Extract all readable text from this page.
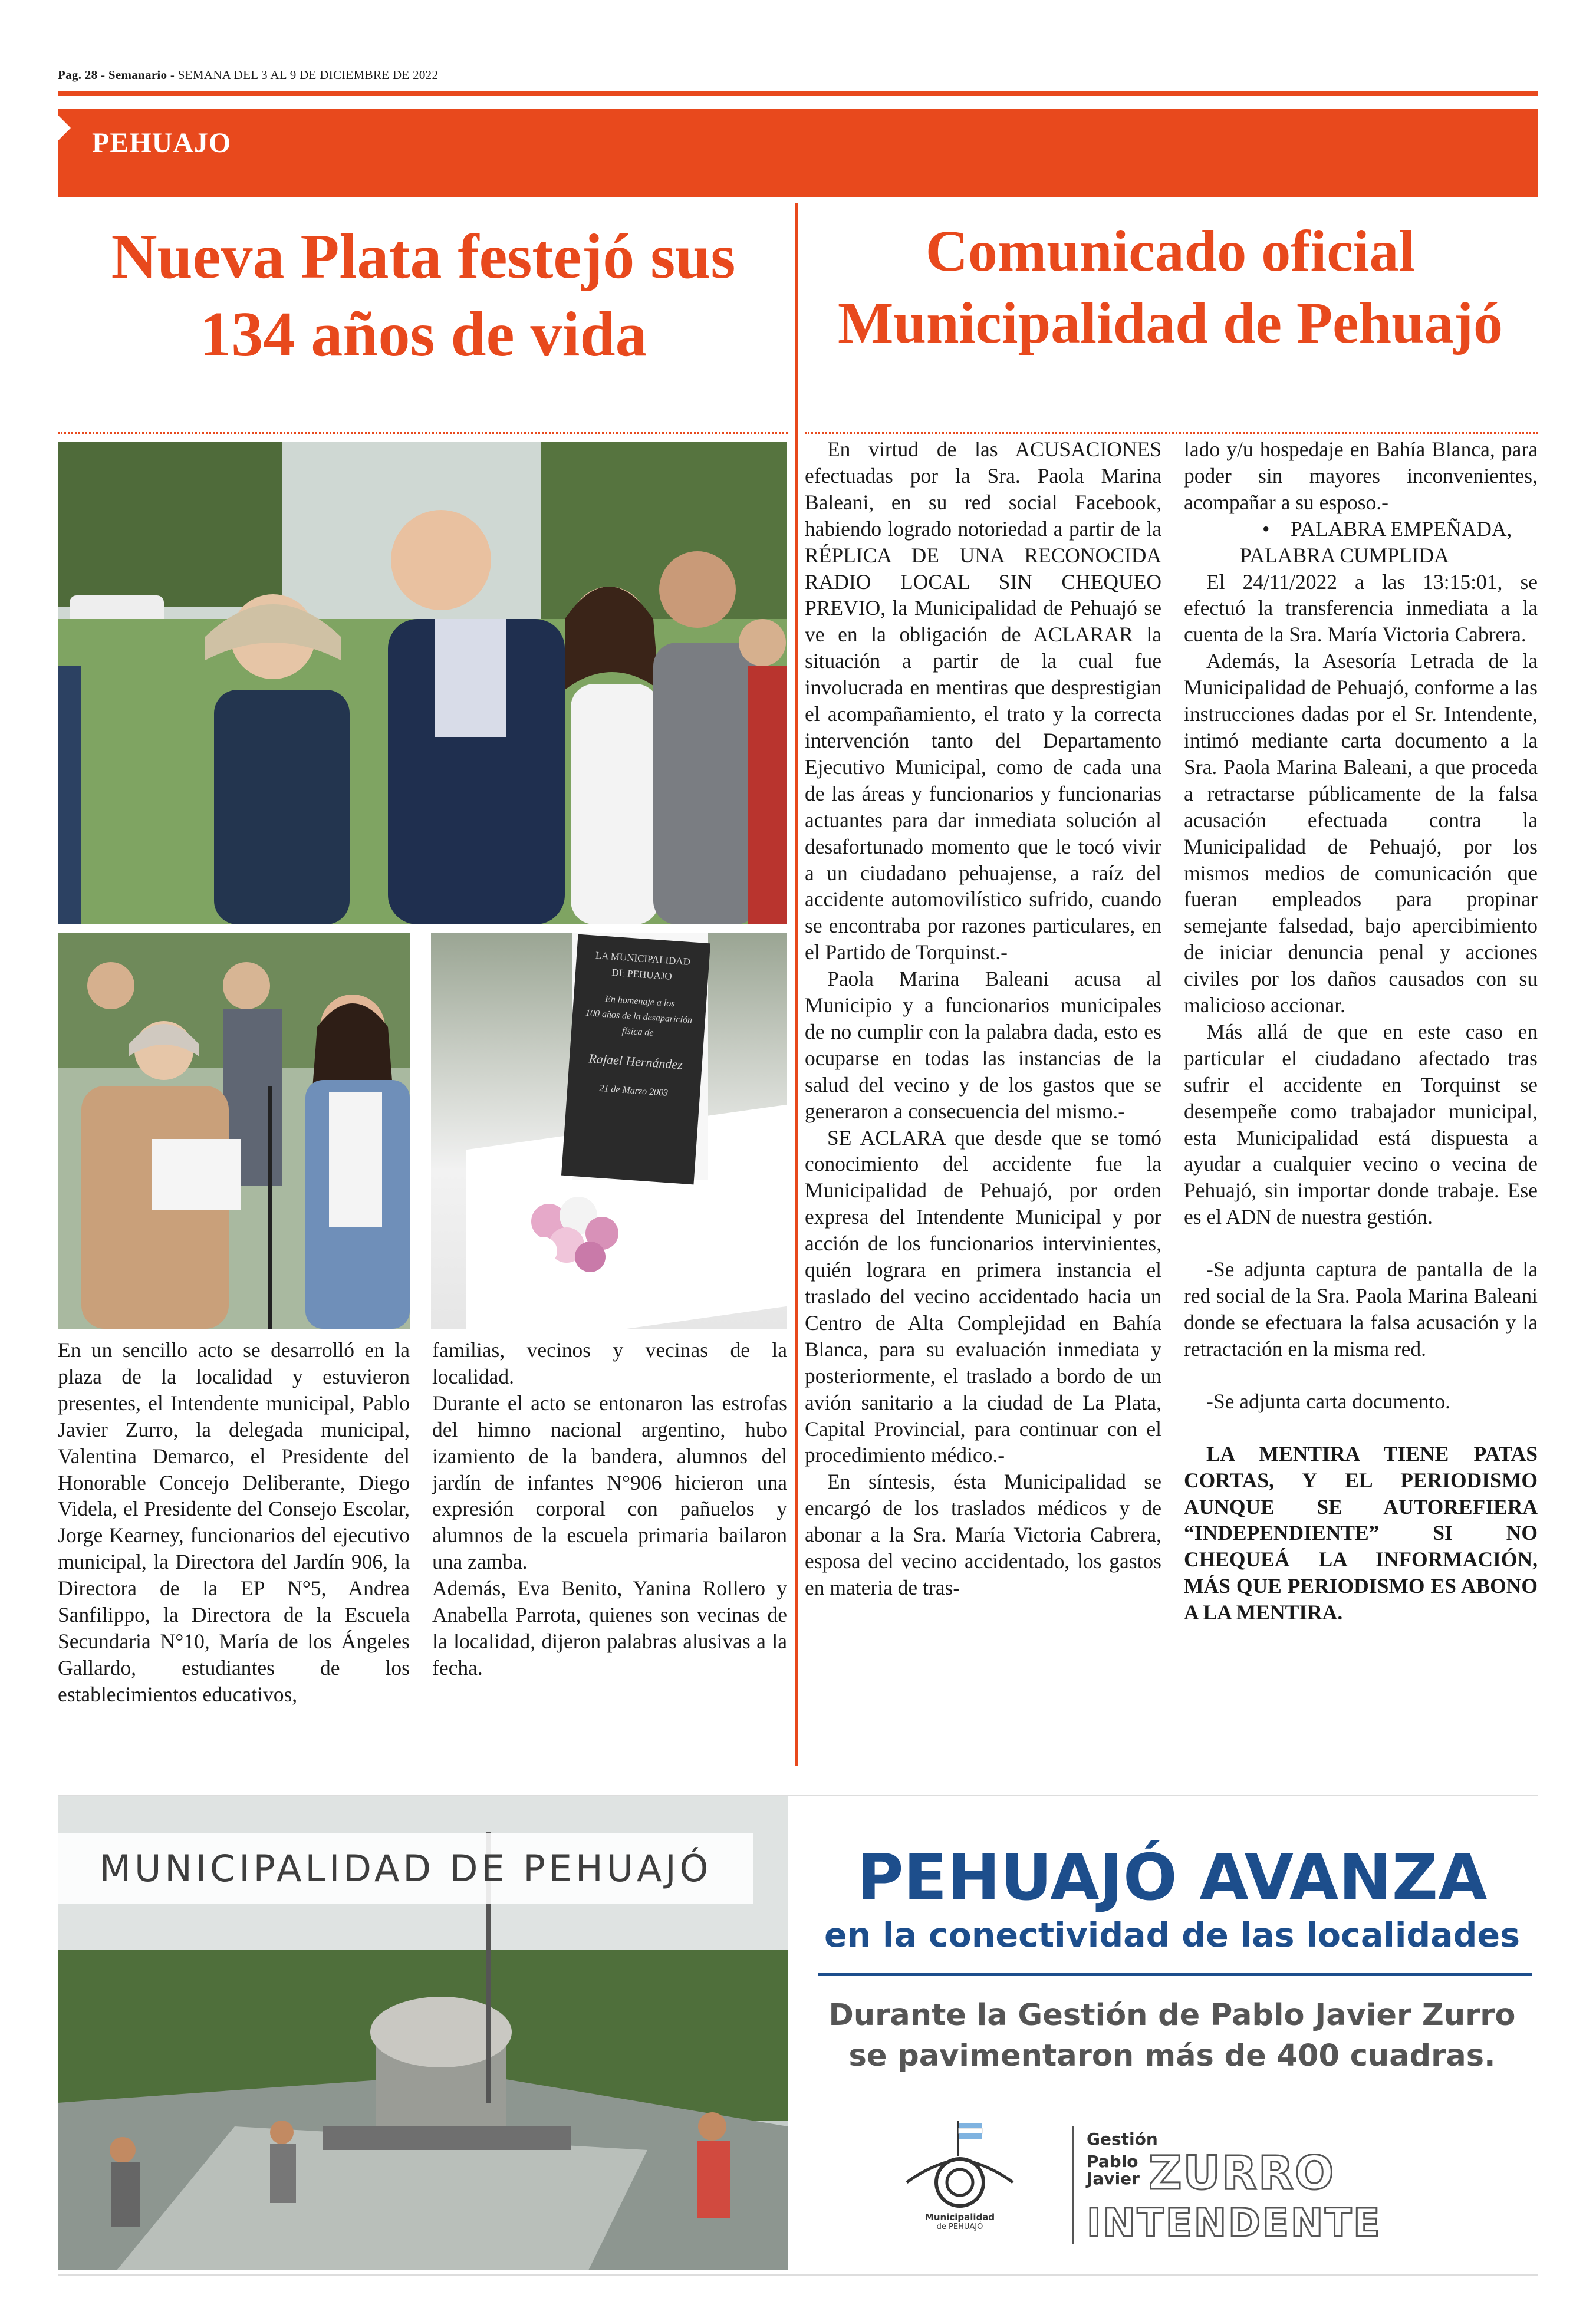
Pag. 28 - Semanario - SEMANA DEL 3 AL 9 DE DICIEMBRE DE 2022
PEHUAJO
Nueva Plata festejó sus
134 años de vida
Comunicado oficial
Municipalidad de Pehuajó
LA MUNICIPALIDAD
DE PEHUAJO
En homenaje a los
100 años de la desaparición
física de
Rafael Hernández
21 de Marzo 2003

En un sencillo acto se desarrolló en la plaza de la localidad y estuvieron presentes, el Intendente municipal, Pablo Javier Zurro, la delegada municipal, Valentina Demarco, el Presidente del Honorable Concejo Deliberante, Diego Videla, el Presidente del Consejo Escolar, Jorge Kearney, funcionarios del ejecutivo municipal, la Directora del Jardín 906, la Directora de la EP N°5, Andrea Sanfilippo, la Directora de la Escuela Secundaria N°10, María de los Ángeles Gallardo, estudiantes de los establecimientos educativos,

familias, vecinos y vecinas de la localidad.

Durante el acto se entonaron las estrofas del himno nacional argentino, hubo izamiento de la bandera, alumnos del jardín de infantes N°906 hicieron una expresión corporal con pañuelos y alumnos de la escuela primaria bailaron una zamba.

Además, Eva Benito, Yanina Rollero y Anabella Parrota, quienes son vecinas de la localidad, dijeron palabras alusivas a la fecha.

En virtud de las ACUSACIONES efectuadas por la Sra. Paola Marina Baleani, en su red social Facebook, habiendo logrado notoriedad a partir de la RÉPLICA DE UNA RECONOCIDA RADIO LOCAL SIN CHEQUEO PREVIO, la Municipalidad de Pehuajó se ve en la obligación de ACLARAR la situación a partir de la cual fue involucrada en mentiras que desprestigian el acompañamiento, el trato y la correcta intervención tanto del Departamento Ejecutivo Municipal, como de cada una de las áreas y funcionarios y funcionarias actuantes para dar inmediata solución al desafortunado momento que le tocó vivir a un ciudadano pehuajense, a raíz del accidente automovilístico sufrido, cuando se encontraba por razones particulares, en el Partido de Torquinst.-

Paola Marina Baleani acusa al Municipio y a funcionarios municipales de no cumplir con la palabra dada, esto es ocuparse en todas las instancias de la salud del vecino y de los gastos que se generaron a consecuencia del mismo.-

SE ACLARA que desde que se tomó conocimiento del accidente fue la Municipalidad de Pehuajó, por orden expresa del Intendente Municipal y por acción de los funcionarios intervinientes, quién lograra en primera instancia el traslado del vecino accidentado hacia un Centro de Alta Complejidad en Bahía Blanca, para su evaluación inmediata y posteriormente, el traslado a bordo de un avión sanitario a la ciudad de La Plata, Capital Provincial, para continuar con el procedimiento médico.-

En síntesis, ésta Municipalidad se encargó de los traslados médicos y de abonar a la Sra. María Victoria Cabrera, esposa del vecino accidentado, los gastos en materia de tras-

lado y/u hospedaje en Bahía Blanca, para poder sin mayores inconvenientes, acompañar a su esposo.-

•    PALABRA EMPEÑADA,
PALABRA CUMPLIDA

El 24/11/2022 a las 13:15:01, se efectuó la transferencia inmediata a la cuenta de la Sra. María Victoria Cabrera.

Además, la Asesoría Letrada de la Municipalidad de Pehuajó, conforme a las instrucciones dadas por el Sr. Intendente, intimó mediante carta documento a la Sra. Paola Marina Baleani, a que proceda a retractarse públicamente de la falsa acusación efectuada contra la Municipalidad de Pehuajó, por los mismos medios de comunicación que fueran empleados para propinar semejante falsedad, bajo apercibimiento de iniciar denuncia penal y acciones civiles por los daños causados con su malicioso accionar.

Más allá de que en este caso en particular el ciudadano afectado tras sufrir el accidente en Torquinst se desempeñe como trabajador municipal, esta Municipalidad está dispuesta a ayudar a cualquier vecino o vecina de Pehuajó, sin importar donde trabaje. Ese es el ADN de nuestra gestión.

-Se adjunta captura de pantalla de la red social de la Sra. Paola Marina Baleani donde se efectuara la falsa acusación y la retractación en la misma red.

-Se adjunta carta documento.

LA MENTIRA TIENE PATAS CORTAS, Y EL PERIODISMO AUNQUE SE AUTOREFIERA “INDEPENDIENTE” SI NO CHEQUEÁ LA INFORMACIÓN, MÁS QUE PERIODISMO ES ABONO A LA MENTIRA.

MUNICIPALIDAD DE PEHUAJÓ	PEHUAJÓ AVANZA
en la conectividad de las localidades
Durante la Gestión de Pablo Javier Zurro
se pavimentaron más de 400 cuadras.
Municipalidad
de PEHUAJÓ
Gestión
Pablo
Javier ZURRO
INTENDENTE
